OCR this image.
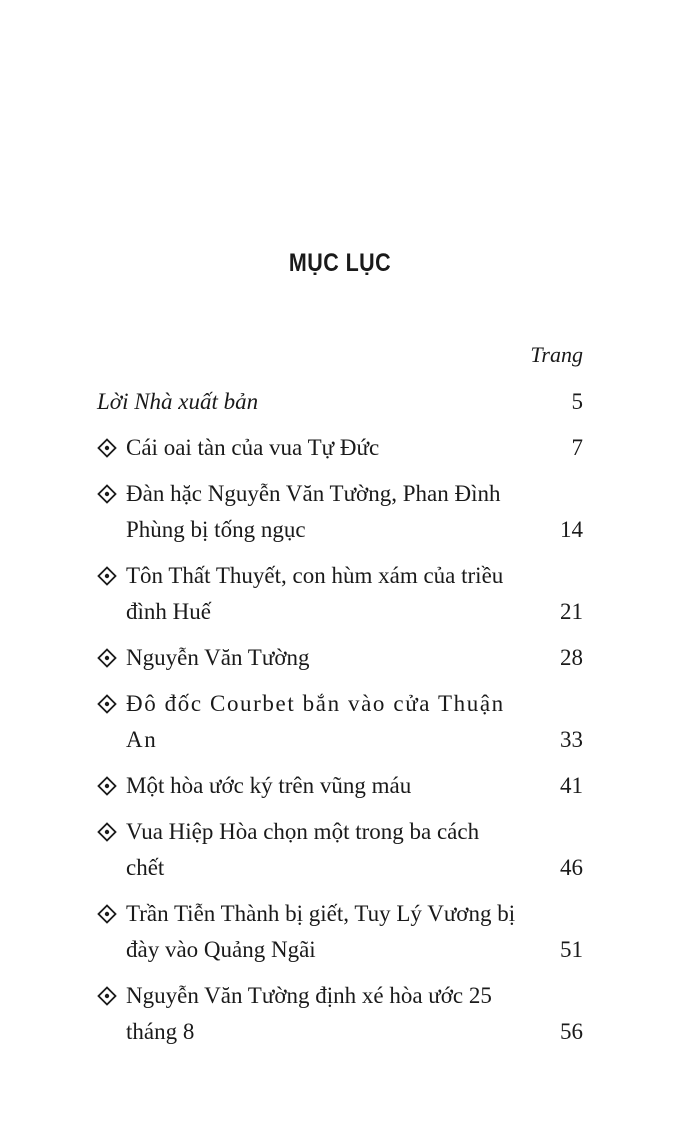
MỤC LỤC
Trang
Lời Nhà xuất bản	5
Cái oai tàn của vua Tự Đức	7
Đàn hặc Nguyễn Văn Tường, Phan Đình Phùng bị tống ngục	14
Tôn Thất Thuyết, con hùm xám của triều đình Huế	21
Nguyễn Văn Tường	28
Đô đốc Courbet bắn vào cửa Thuận An	33
Một hòa ước ký trên vũng máu	41
Vua Hiệp Hòa chọn một trong ba cách chết	46
Trần Tiễn Thành bị giết, Tuy Lý Vương bị đày vào Quảng Ngãi	51
Nguyễn Văn Tường định xé hòa ước 25 tháng 8	56
